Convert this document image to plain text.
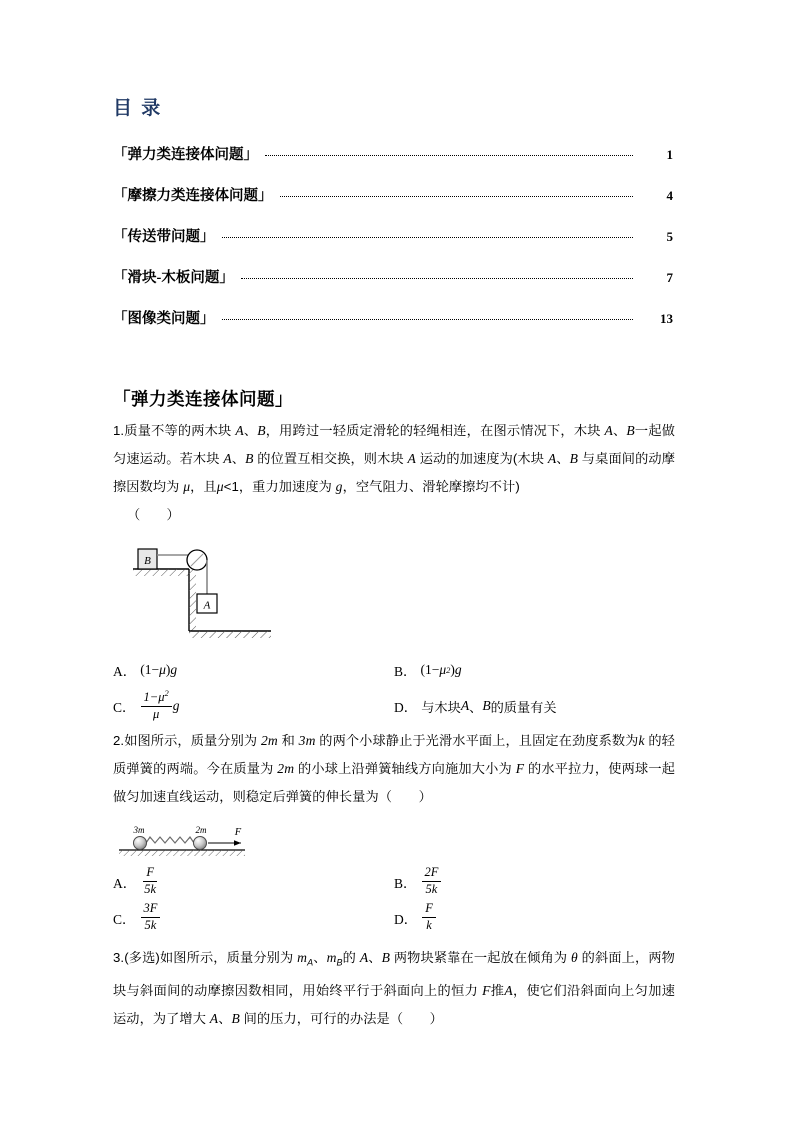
目 录
「弹力类连接体问题」	1
「摩擦力类连接体问题」	4
「传送带问题」	5
「滑块-木板问题」	7
「图像类问题」	13
「弹力类连接体问题」
1.质量不等的两木块 A、B，用跨过一轻质定滑轮的轻绳相连，在图示情况下，木块 A、B一起做匀速运动。若木块 A、B 的位置互相交换，则木块 A 运动的加速度为(木块 A、B 与桌面间的动摩擦因数均为 μ，且μ<1，重力加速度为 g，空气阻力、滑轮摩擦均不计)
（　　）
B
A
A． (1− μ ) g	B． (1− μ 2 ) g
C． $\frac{1-\mu^2}{\mu}$ g	D． 与木块 A 、 B 的质量有关
2.如图所示，质量分别为 2m 和 3m 的两个小球静止于光滑水平面上，且固定在劲度系数为k 的轻质弹簧的两端。今在质量为 2m 的小球上沿弹簧轴线方向施加大小为 F 的水平拉力，使两球一起做匀加速直线运动，则稳定后弹簧的伸长量为（　　）
3m	2m	F
A． $\frac{F}{5k}$	B． $\frac{2F}{5k}$
C． $\frac{3F}{5k}$	D． $\frac{F}{k}$
3.(多选)如图所示，质量分别为 $m_A$、$m_B$的 A、B 两物块紧靠在一起放在倾角为 θ 的斜面上，两物块与斜面间的动摩擦因数相同，用始终平行于斜面向上的恒力 F推A，使它们沿斜面向上匀加速运动，为了增大 A、B 间的压力，可行的办法是（　　）
